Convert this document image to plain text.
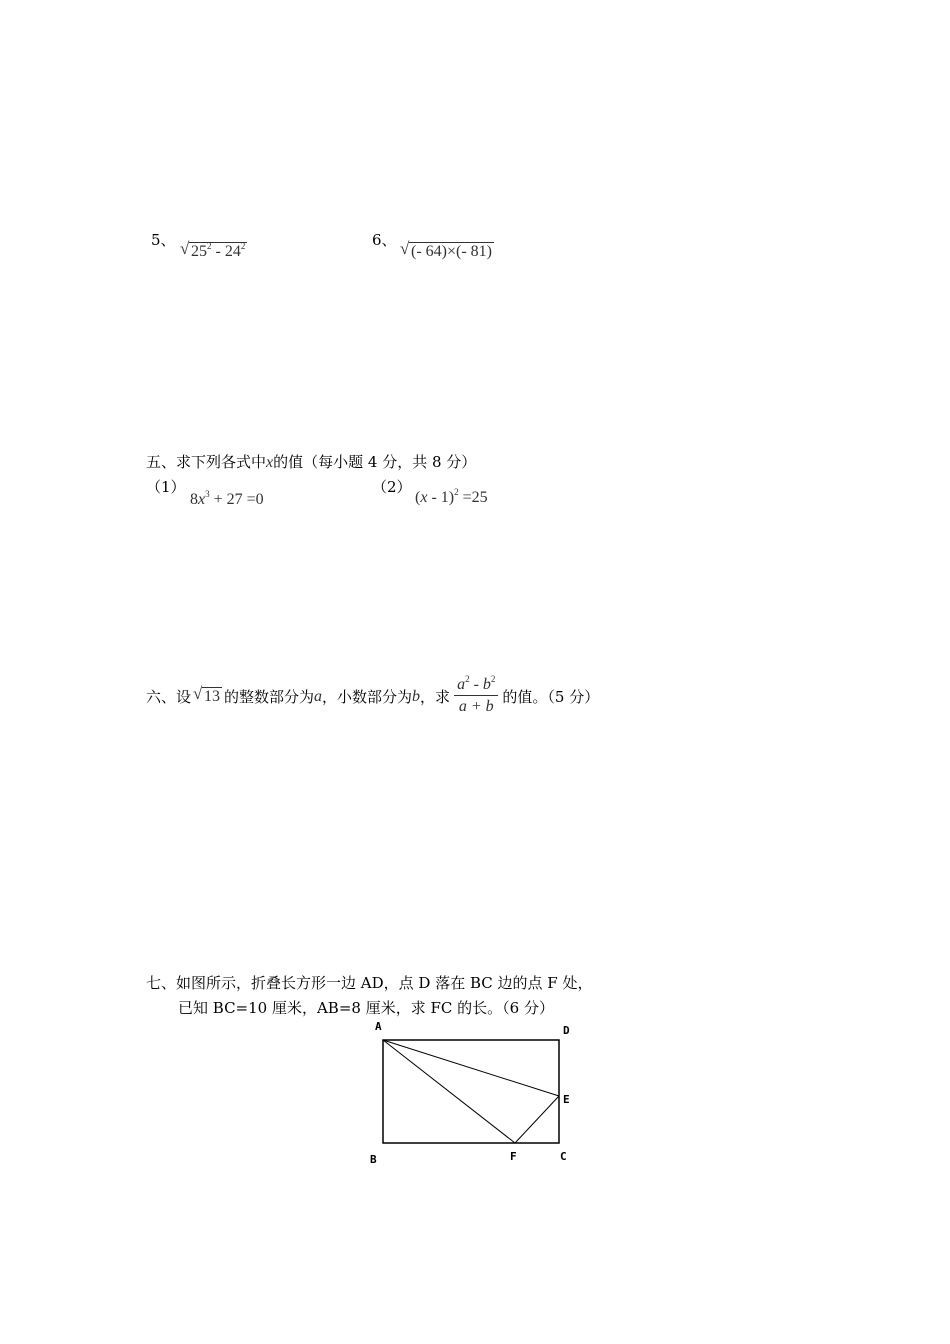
5、 √ $25^2 - 24^2$	6、 √ (- 64)×(- 81)
五、求下列各式中x的值（每小题 4 分，共 8 分）
（1）
$8x^3 + 27 =0$
（2）
(x - 1)$^2$ =25
六、设 √ 13 的整数部分为 a ，小数部分为 b ，求 $\frac{a^2 - b^2}{a + b}$ 的值。（5 分）
七、如图所示，折叠长方形一边 AD，点 D 落在 BC 边的点 F 处，
已知 BC=10 厘米，AB=8 厘米，求 FC 的长。（6 分）
A	D
E
B	F	C
